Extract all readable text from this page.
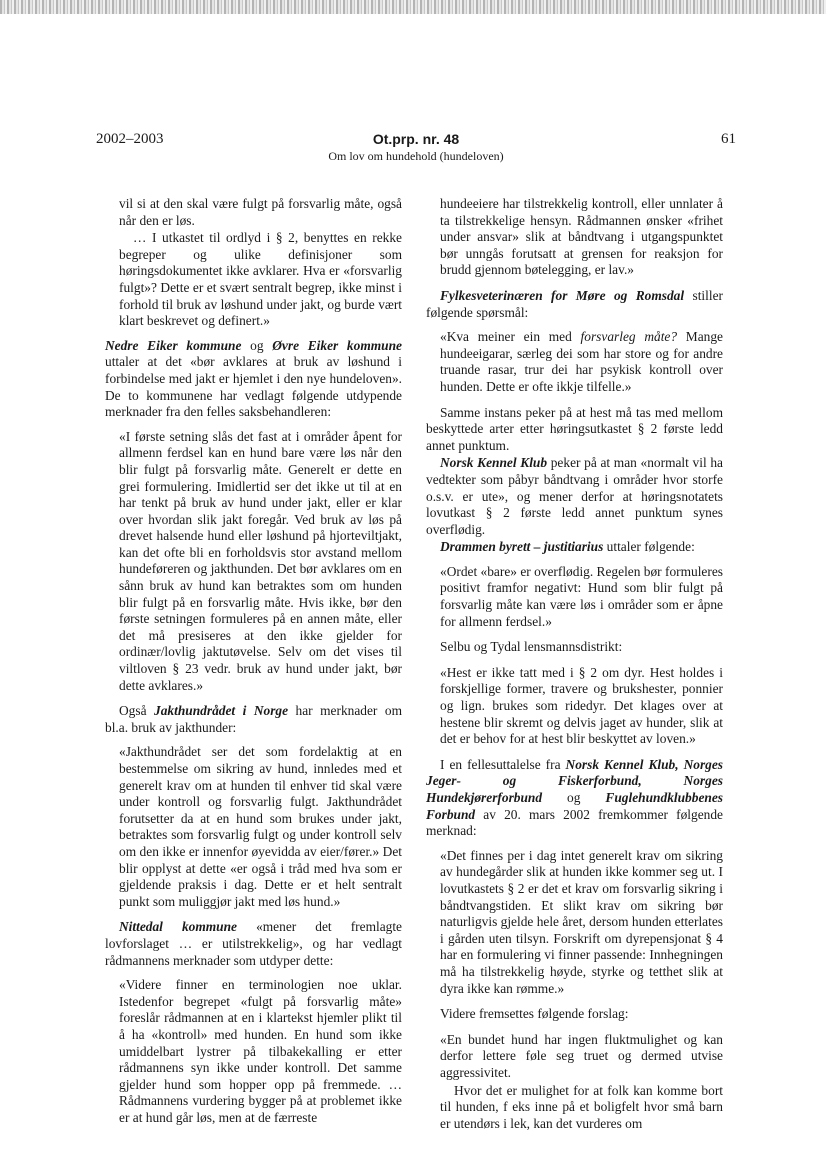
2002–2003	Ot.prp. nr. 48
Om lov om hundehold (hundeloven)
61

vil si at den skal være fulgt på forsvarlig måte, også når den er løs.

… I utkastet til ordlyd i § 2, benyttes en rekke begreper og ulike definisjoner som høringsdokumentet ikke avklarer. Hva er «forsvarlig fulgt»? Dette er et svært sentralt begrep, ikke minst i forhold til bruk av løshund under jakt, og burde vært klart beskrevet og definert.»

Nedre Eiker kommune og Øvre Eiker kommune uttaler at det «bør avklares at bruk av løshund i forbindelse med jakt er hjemlet i den nye hundeloven». De to kommunene har vedlagt følgende utdypende merknader fra den felles saksbehandleren:

«I første setning slås det fast at i områder åpent for allmenn ferdsel kan en hund bare være løs når den blir fulgt på forsvarlig måte. Generelt er dette en grei formulering. Imidlertid ser det ikke ut til at en har tenkt på bruk av hund under jakt, eller er klar over hvordan slik jakt foregår. Ved bruk av løs på drevet halsende hund eller løshund på hjorteviltjakt, kan det ofte bli en forholdsvis stor avstand mellom hundeføreren og jakthunden. Det bør avklares om en sånn bruk av hund kan betraktes som om hunden blir fulgt på en forsvarlig måte. Hvis ikke, bør den første setningen formuleres på en annen måte, eller det må presiseres at den ikke gjelder for ordinær/lovlig jaktutøvelse. Selv om det vises til viltloven § 23 vedr. bruk av hund under jakt, bør dette avklares.»

Også Jakthundrådet i Norge har merknader om bl.a. bruk av jakthunder:

«Jakthundrådet ser det som fordelaktig at en bestemmelse om sikring av hund, innledes med et generelt krav om at hunden til enhver tid skal være under kontroll og forsvarlig fulgt. Jakthundrådet forutsetter da at en hund som brukes under jakt, betraktes som forsvarlig fulgt og under kontroll selv om den ikke er innenfor øyevidda av eier/fører.» Det blir opplyst at dette «er også i tråd med hva som er gjeldende praksis i dag. Dette er et helt sentralt punkt som muliggjør jakt med løs hund.»

Nittedal kommune «mener det fremlagte lovforslaget … er utilstrekkelig», og har vedlagt rådmannens merknader som utdyper dette:

«Videre finner en terminologien noe uklar. Istedenfor begrepet «fulgt på forsvarlig måte» foreslår rådmannen at en i klartekst hjemler plikt til å ha «kontroll» med hunden. En hund som ikke umiddelbart lystrer på tilbakekalling er etter rådmannens syn ikke under kontroll. Det samme gjelder hund som hopper opp på fremmede. … Rådmannens vurdering bygger på at problemet ikke er at hund går løs, men at de færreste

hundeeiere har tilstrekkelig kontroll, eller unnlater å ta tilstrekkelige hensyn. Rådmannen ønsker «frihet under ansvar» slik at båndtvang i utgangspunktet bør unngås forutsatt at grensen for reaksjon for brudd gjennom bøtelegging, er lav.»

Fylkesveterinæren for Møre og Romsdal stiller følgende spørsmål:

«Kva meiner ein med forsvarleg måte? Mange hundeeigarar, særleg dei som har store og for andre truande rasar, trur dei har psykisk kontroll over hunden. Dette er ofte ikkje tilfelle.»

Samme instans peker på at hest må tas med mellom beskyttede arter etter høringsutkastet § 2 første ledd annet punktum.

Norsk Kennel Klub peker på at man «normalt vil ha vedtekter som påbyr båndtvang i områder hvor storfe o.s.v. er ute», og mener derfor at høringsnotatets lovutkast § 2 første ledd annet punktum synes overflødig.

Drammen byrett – justitiarius uttaler følgende:

«Ordet «bare» er overflødig. Regelen bør formuleres positivt framfor negativt: Hund som blir fulgt på forsvarlig måte kan være løs i områder som er åpne for allmenn ferdsel.»

Selbu og Tydal lensmannsdistrikt:

«Hest er ikke tatt med i § 2 om dyr. Hest holdes i forskjellige former, travere og brukshester, ponnier og lign. brukes som ridedyr. Det klages over at hestene blir skremt og delvis jaget av hunder, slik at det er behov for at hest blir beskyttet av loven.»

I en fellesuttalelse fra Norsk Kennel Klub, Norges Jeger- og Fiskerforbund, Norges Hundekjørerforbund og Fuglehundklubbenes Forbund av 20. mars 2002 fremkommer følgende merknad:

«Det finnes per i dag intet generelt krav om sikring av hundegårder slik at hunden ikke kommer seg ut. I lovutkastets § 2 er det et krav om forsvarlig sikring i båndtvangstiden. Et slikt krav om sikring bør naturligvis gjelde hele året, dersom hunden etterlates i gården uten tilsyn. Forskrift om dyrepensjonat § 4 har en formulering vi finner passende: Innhegningen må ha tilstrekkelig høyde, styrke og tetthet slik at dyra ikke kan rømme.»

Videre fremsettes følgende forslag:

«En bundet hund har ingen fluktmulighet og kan derfor lettere føle seg truet og dermed utvise aggressivitet.

Hvor det er mulighet for at folk kan komme bort til hunden, f eks inne på et boligfelt hvor små barn er utendørs i lek, kan det vurderes om
